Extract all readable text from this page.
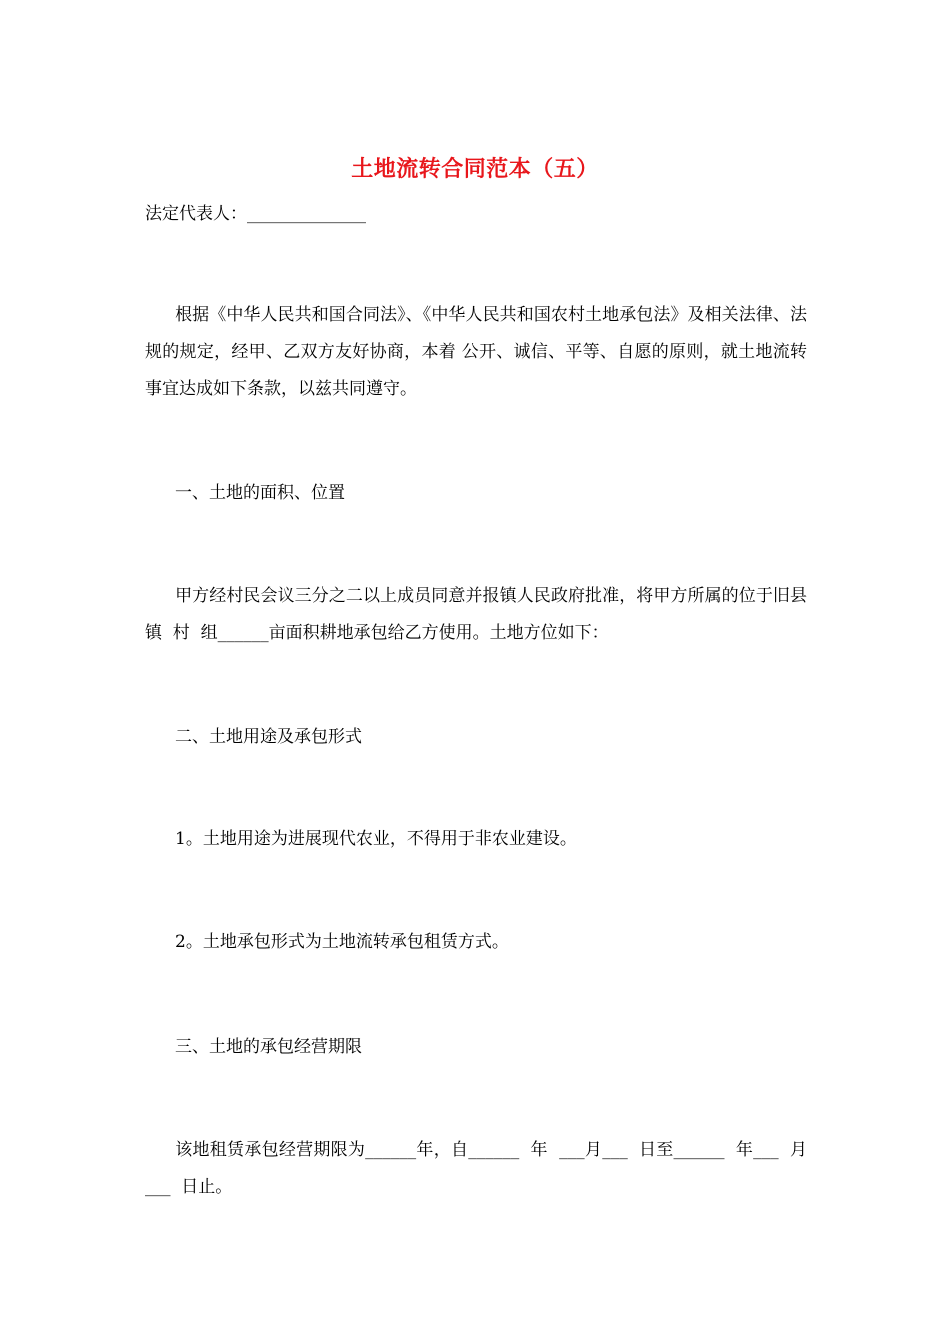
土地流转合同范本（五）
法定代表人：______________
根据《中华人民共和国合同法》、《中华人民共和国农村土地承包法》及相关法律、法规的规定，经甲、乙双方友好协商，本着 公开、诚信、平等、自愿的原则，就土地流转事宜达成如下条款，以兹共同遵守。
一、土地的面积、位置
甲方经村民会议三分之二以上成员同意并报镇人民政府批准，将甲方所属的位于旧县镇  村  组______亩面积耕地承包给乙方使用。土地方位如下：
二、土地用途及承包形式
1。土地用途为进展现代农业，不得用于非农业建设。
2。土地承包形式为土地流转承包租赁方式。
三、土地的承包经营期限
该地租赁承包经营期限为______年，自______  年  ___月___  日至______  年___  月___  日止。
